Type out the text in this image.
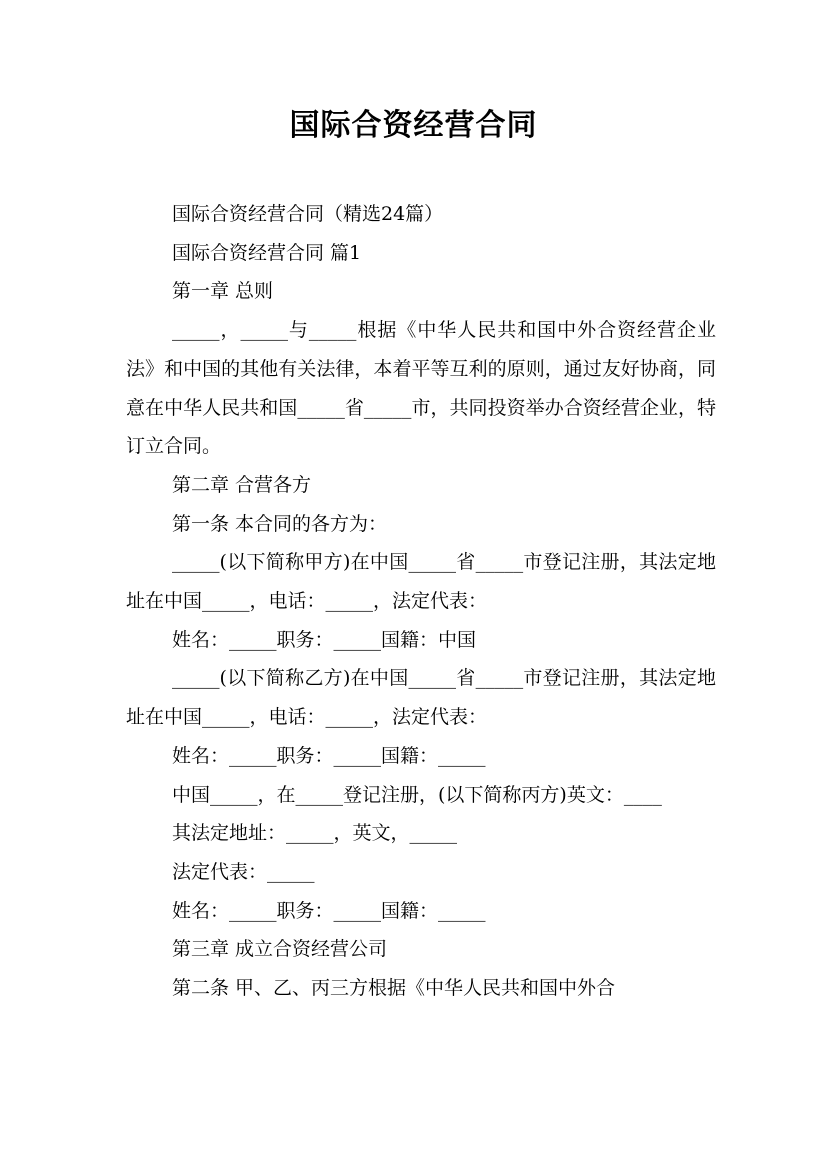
国际合资经营合同

国际合资经营合同（精选24篇）

国际合资经营合同 篇1

第一章 总则

_____，_____与_____根据《中华人民共和国中外合资经营企业法》和中国的其他有关法律，本着平等互利的原则，通过友好协商，同意在中华人民共和国_____省_____市，共同投资举办合资经营企业，特订立合同。

第二章 合营各方

第一条 本合同的各方为：

_____(以下简称甲方)在中国_____省_____市登记注册，其法定地址在中国_____，电话：_____，法定代表：

姓名：_____职务：_____国籍：中国

_____(以下简称乙方)在中国_____省_____市登记注册，其法定地址在中国_____，电话：_____，法定代表：

姓名：_____职务：_____国籍：_____

中国_____，在_____登记注册，(以下简称丙方)英文：____

其法定地址：_____，英文，_____

法定代表：_____

姓名：_____职务：_____国籍：_____

第三章 成立合资经营公司

第二条 甲、乙、丙三方根据《中华人民共和国中外合
